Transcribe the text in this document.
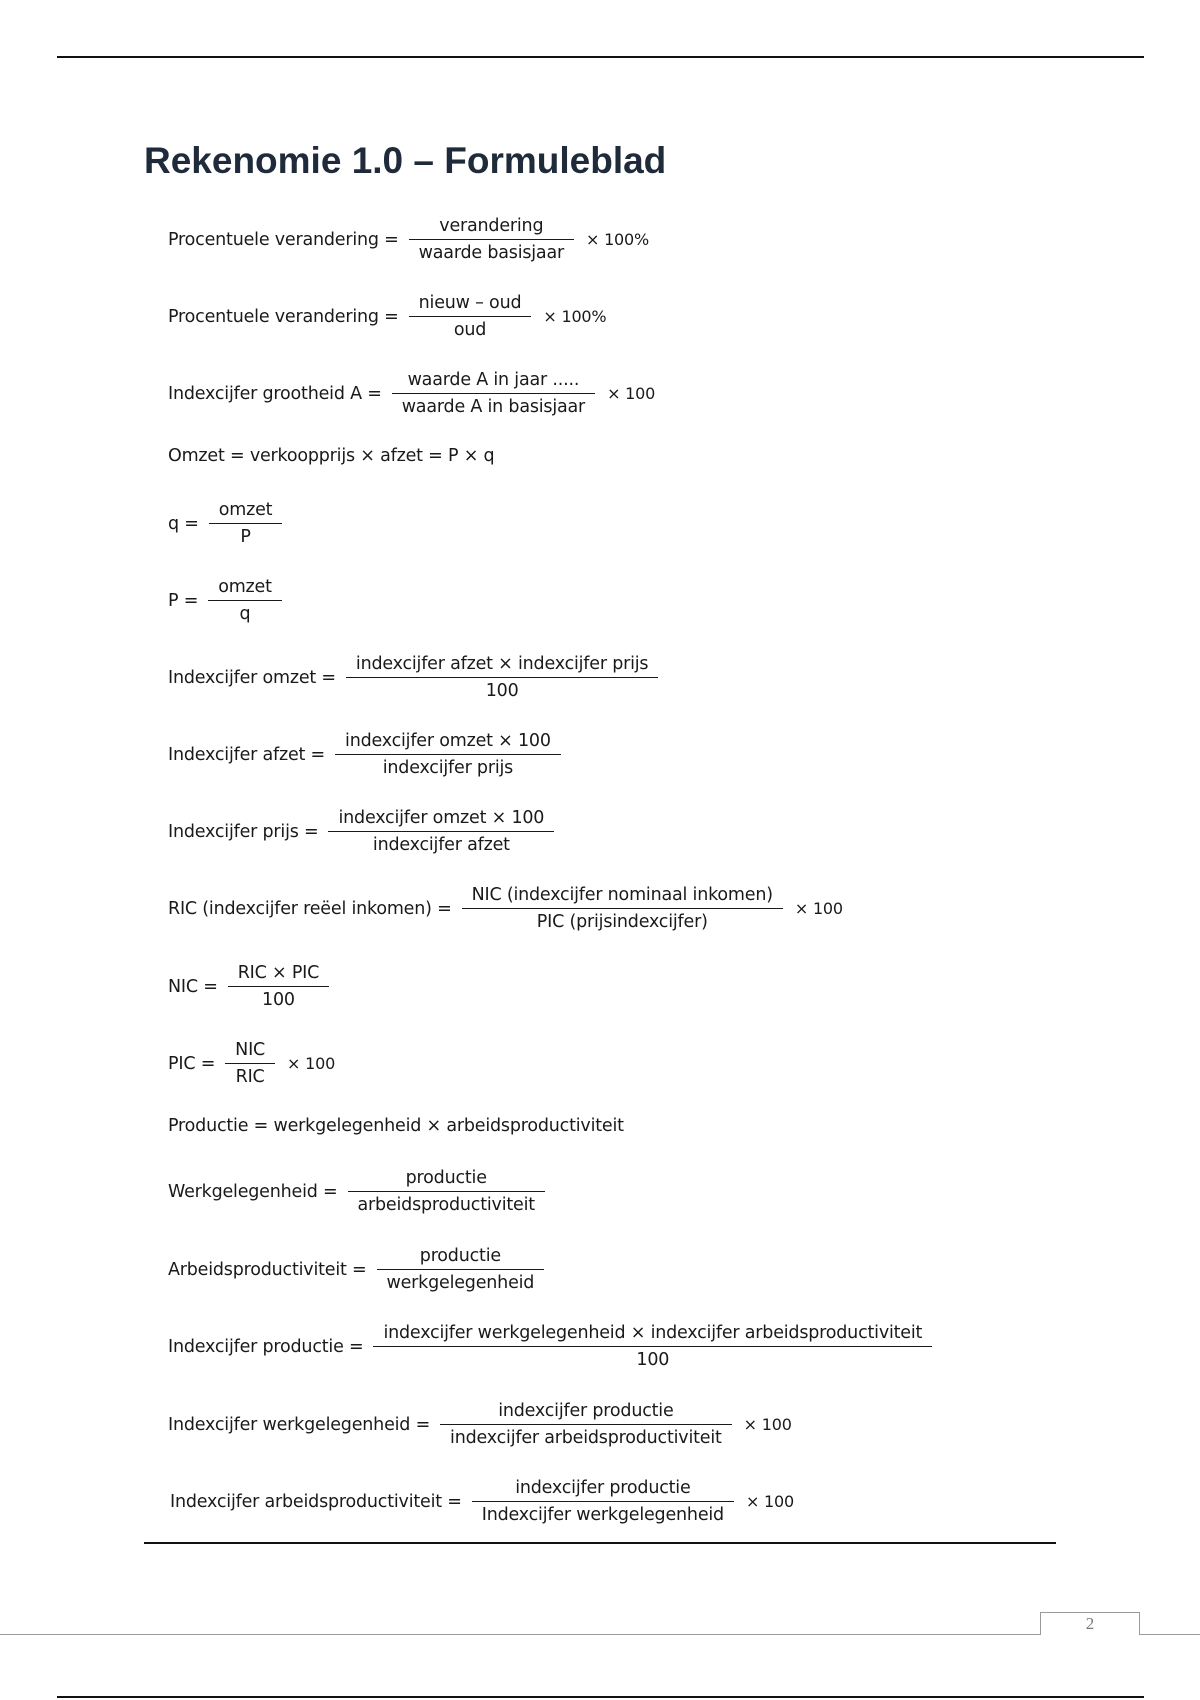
Rekenomie 1.0 – Formuleblad
Procentuele verandering = $\frac{\text{verandering}}{\text{waarde basisjaar}} \times 100\%$
Procentuele verandering = $\frac{\text{nieuw – oud}}{\text{oud}} \times 100\%$
Indexcijfer grootheid $A = \frac{\text{waarde A in jaar .....}}{\text{waarde A in basisjaar}} \times 100$
Omzet = verkoopprijs × afzet = P × q
$q = \frac{\text{omzet}}{P}$
$P = \frac{\text{omzet}}{q}$
Indexcijfer omzet = $\frac{\text{indexcijfer afzet × indexcijfer prijs}}{100}$
Indexcijfer afzet = $\frac{\text{indexcijfer omzet × 100}}{\text{indexcijfer prijs}}$
Indexcijfer prijs = $\frac{\text{indexcijfer omzet × 100}}{\text{indexcijfer afzet}}$
RIC (indexcijfer reëel inkomen) = $\frac{\text{NIC (indexcijfer nominaal inkomen)}}{\text{PIC (prijsindexcijfer)}} \times 100$
NIC = $\frac{\text{RIC × PIC}}{100}$
PIC = $\frac{\text{NIC}}{\text{RIC}} \times 100$
Productie = werkgelegenheid × arbeidsproductiviteit
Werkgelegenheid = $\frac{\text{productie}}{\text{arbeidsproductiviteit}}$
Arbeidsproductiviteit = $\frac{\text{productie}}{\text{werkgelegenheid}}$
Indexcijfer productie =
indexcijfer werkgelegenheid × indexcijfer arbeidsproductiviteit
100
Indexcijfer werkgelegenheid = $\frac{\text{indexcijfer productie}}{\text{indexcijfer arbeidsproductiviteit}} \times 100$
Indexcijfer arbeidsproductiviteit = $\frac{\text{indexcijfer productie}}{\text{Indexcijfer werkgelegenheid}} \times 100$
2
